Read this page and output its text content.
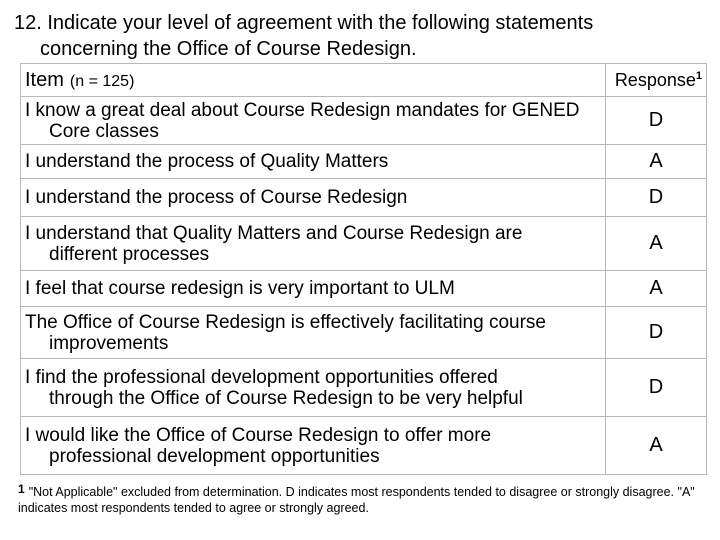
12. Indicate your level of agreement with the following statements
concerning the Office of Course Redesign.
Item (n = 125)	Response$^1$
I know a great deal about Course Redesign mandates for GENED
Core classes	D
I understand the process of Quality Matters	A
I understand the process of Course Redesign	D
I understand that Quality Matters and Course Redesign are
different processes	A
I feel that course redesign is very important to ULM	A
The Office of Course Redesign is effectively facilitating course
improvements	D
I find the professional development opportunities offered
through the Office of Course Redesign to be very helpful	D
I would like the Office of Course Redesign to offer more
professional development opportunities	A
1 "Not Applicable" excluded from determination. D indicates most respondents tended to disagree or strongly disagree. "A" indicates most respondents tended to agree or strongly agreed.
